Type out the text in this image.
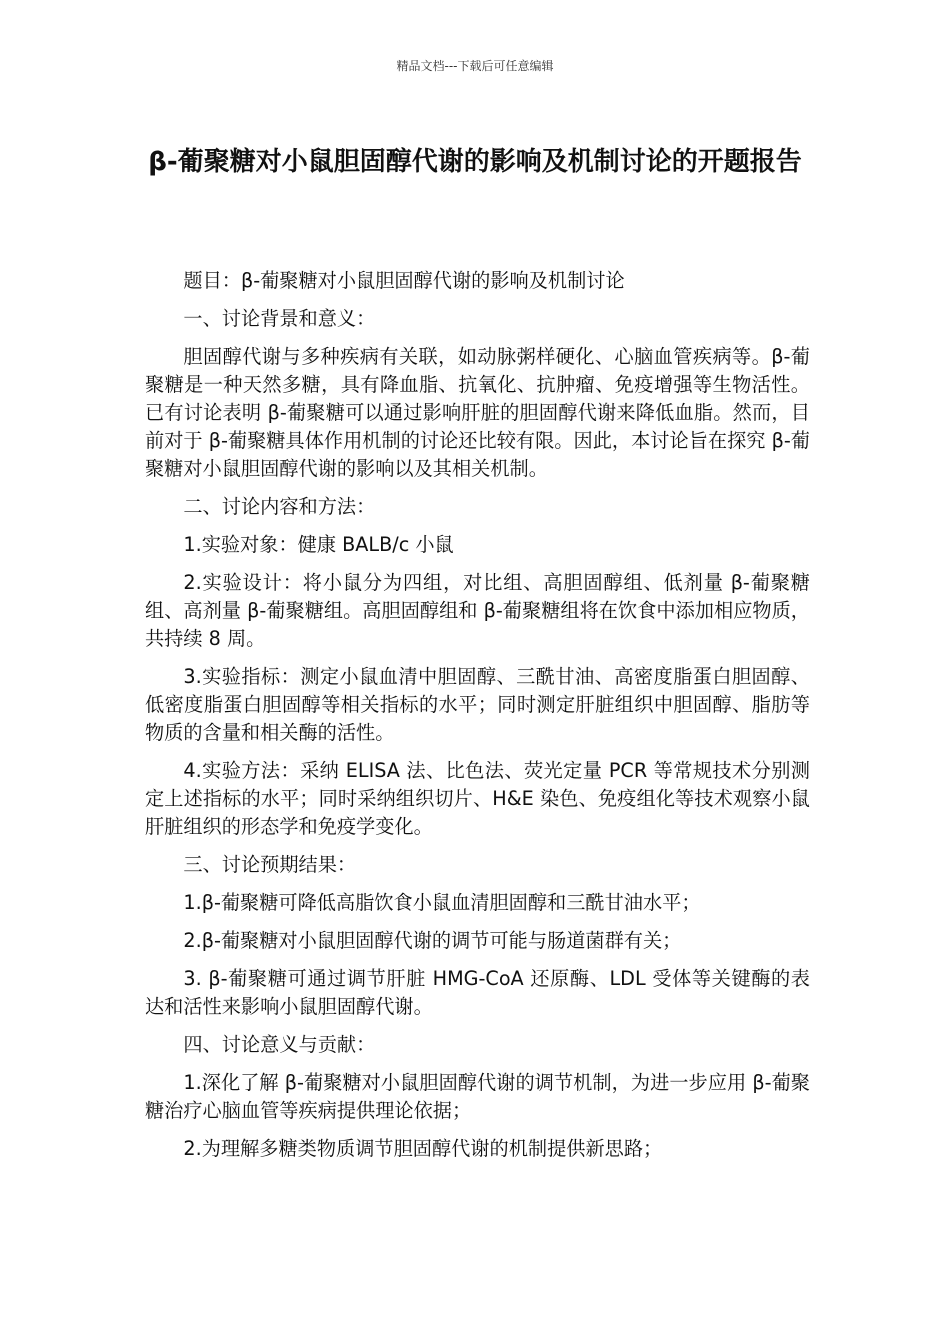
精品文档---下载后可任意编辑
β-葡聚糖对小鼠胆固醇代谢的影响及机制讨论的开题报告

题目：β-葡聚糖对小鼠胆固醇代谢的影响及机制讨论

一、讨论背景和意义：

胆固醇代谢与多种疾病有关联，如动脉粥样硬化、心脑血管疾病等。β-葡聚糖是一种天然多糖，具有降血脂、抗氧化、抗肿瘤、免疫增强等生物活性。已有讨论表明 β-葡聚糖可以通过影响肝脏的胆固醇代谢来降低血脂。然而，目前对于 β-葡聚糖具体作用机制的讨论还比较有限。因此，本讨论旨在探究 β-葡聚糖对小鼠胆固醇代谢的影响以及其相关机制。

二、讨论内容和方法：

1.实验对象：健康 BALB/c 小鼠

2.实验设计：将小鼠分为四组，对比组、高胆固醇组、低剂量 β-葡聚糖组、高剂量 β-葡聚糖组。高胆固醇组和 β-葡聚糖组将在饮食中添加相应物质，共持续 8 周。

3.实验指标：测定小鼠血清中胆固醇、三酰甘油、高密度脂蛋白胆固醇、低密度脂蛋白胆固醇等相关指标的水平；同时测定肝脏组织中胆固醇、脂肪等物质的含量和相关酶的活性。

4.实验方法：采纳 ELISA 法、比色法、荧光定量 PCR 等常规技术分别测定上述指标的水平；同时采纳组织切片、H&E 染色、免疫组化等技术观察小鼠肝脏组织的形态学和免疫学变化。

三、讨论预期结果：

1.β-葡聚糖可降低高脂饮食小鼠血清胆固醇和三酰甘油水平；

2.β-葡聚糖对小鼠胆固醇代谢的调节可能与肠道菌群有关；

3. β-葡聚糖可通过调节肝脏 HMG-CoA 还原酶、LDL 受体等关键酶的表达和活性来影响小鼠胆固醇代谢。

四、讨论意义与贡献：

1.深化了解 β-葡聚糖对小鼠胆固醇代谢的调节机制，为进一步应用 β-葡聚糖治疗心脑血管等疾病提供理论依据；

2.为理解多糖类物质调节胆固醇代谢的机制提供新思路；
